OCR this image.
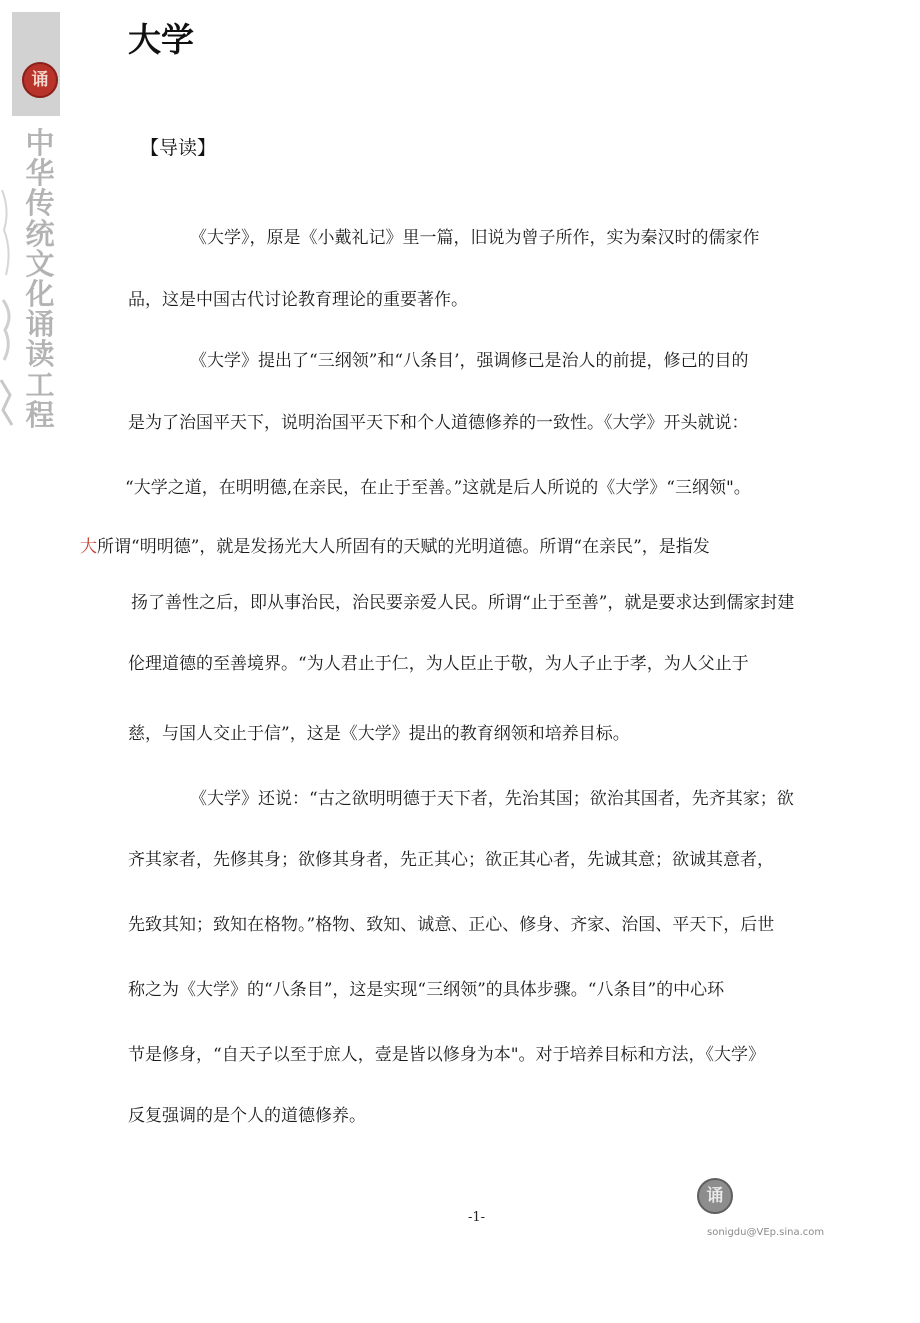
诵
中
华
传
统
文
化
诵
读
工
程
大学
【导读】
《大学》，原是《小戴礼记》里一篇，旧说为曾子所作，实为秦汉时的儒家作
品，这是中国古代讨论教育理论的重要著作。
《大学》提出了“三纲领”和“八条目’，强调修己是治人的前提，修己的目的
是为了治国平天下，说明治国平天下和个人道德修养的一致性。《大学》开头就说：
“大学之道，在明明德,在亲民，在止于至善。”这就是后人所说的《大学》“三纲领"。
大 所谓“明明德”，就是发扬光大人所固有的天赋的光明道德。所谓“在亲民”，是指发
扬了善性之后，即从事治民，治民要亲爱人民。所谓“止于至善”，就是要求达到儒家封建
伦理道德的至善境界。“为人君止于仁，为人臣止于敬，为人子止于孝，为人父止于
慈，与国人交止于信”，这是《大学》提出的教育纲领和培养目标。
《大学》还说：“古之欲明明德于天下者，先治其国；欲治其国者，先齐其家；欲
齐其家者，先修其身；欲修其身者，先正其心；欲正其心者，先诚其意；欲诚其意者，
先致其知；致知在格物。”格物、致知、诚意、正心、修身、齐家、治国、平天下，后世
称之为《大学》的“八条目”，这是实现“三纲领”的具体步骤。“八条目”的中心环
节是修身，“自天子以至于庶人，壹是皆以修身为本"。对于培养目标和方法，《大学》
反复强调的是个人的道德修养。
诵
-1-
sonigdu@VEp.sina.com
